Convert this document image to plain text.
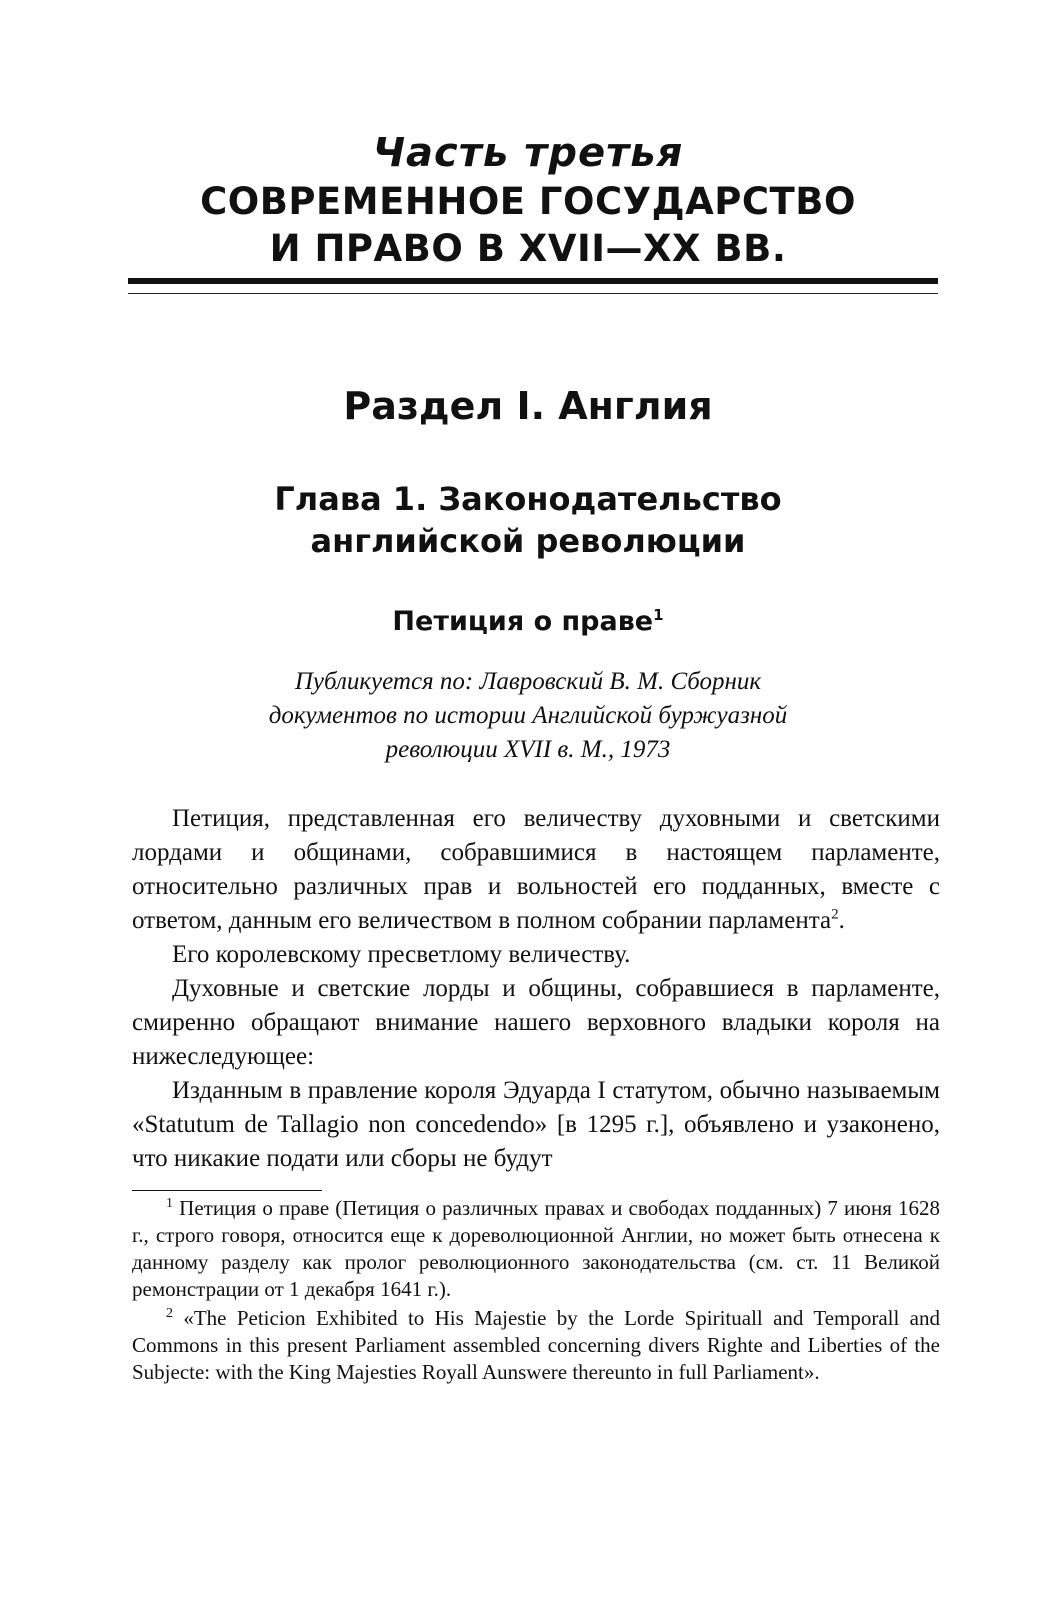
Часть третья
СОВРЕМЕННОЕ ГОСУДАРСТВО
И ПРАВО В XVII—XX ВВ.
Раздел I. Англия
Глава 1. Законодательство
английской революции
Петиция о праве$^1$
Публикуется по: Лавровский В. М. Сборник
документов по истории Английской буржуазной
революции XVII в. М., 1973

Петиция, представленная его величеству духовными и светскими лордами и общинами, собравшимися в настоящем парламенте, относительно различных прав и вольностей его подданных, вместе с ответом, данным его величеством в полном собрании парламента$^2$.

Его королевскому пресветлому величеству.

Духовные и светские лорды и общины, собравшиеся в парламенте, смиренно обращают внимание нашего верховного владыки короля на нижеследующее:

Изданным в правление короля Эдуарда I статутом, обычно называемым «Statutum de Tallagio non concedendo» [в 1295 г.], объявлено и узаконено, что никакие подати или сборы не будут

$^1$ Петиция о праве (Петиция о различных правах и свободах подданных) 7 июня 1628 г., строго говоря, относится еще к дореволюционной Англии, но может быть отнесена к данному разделу как пролог революционного законодательства (см. ст. 11 Великой ремонстрации от 1 декабря 1641 г.).

$^2$ «The Peticion Exhibited to His Majestie by the Lorde Spirituall and Temporall and Commons in this present Parliament assembled concerning divers Righte and Liberties of the Subjecte: with the King Majesties Royall Aunswere thereunto in full Parliament».
